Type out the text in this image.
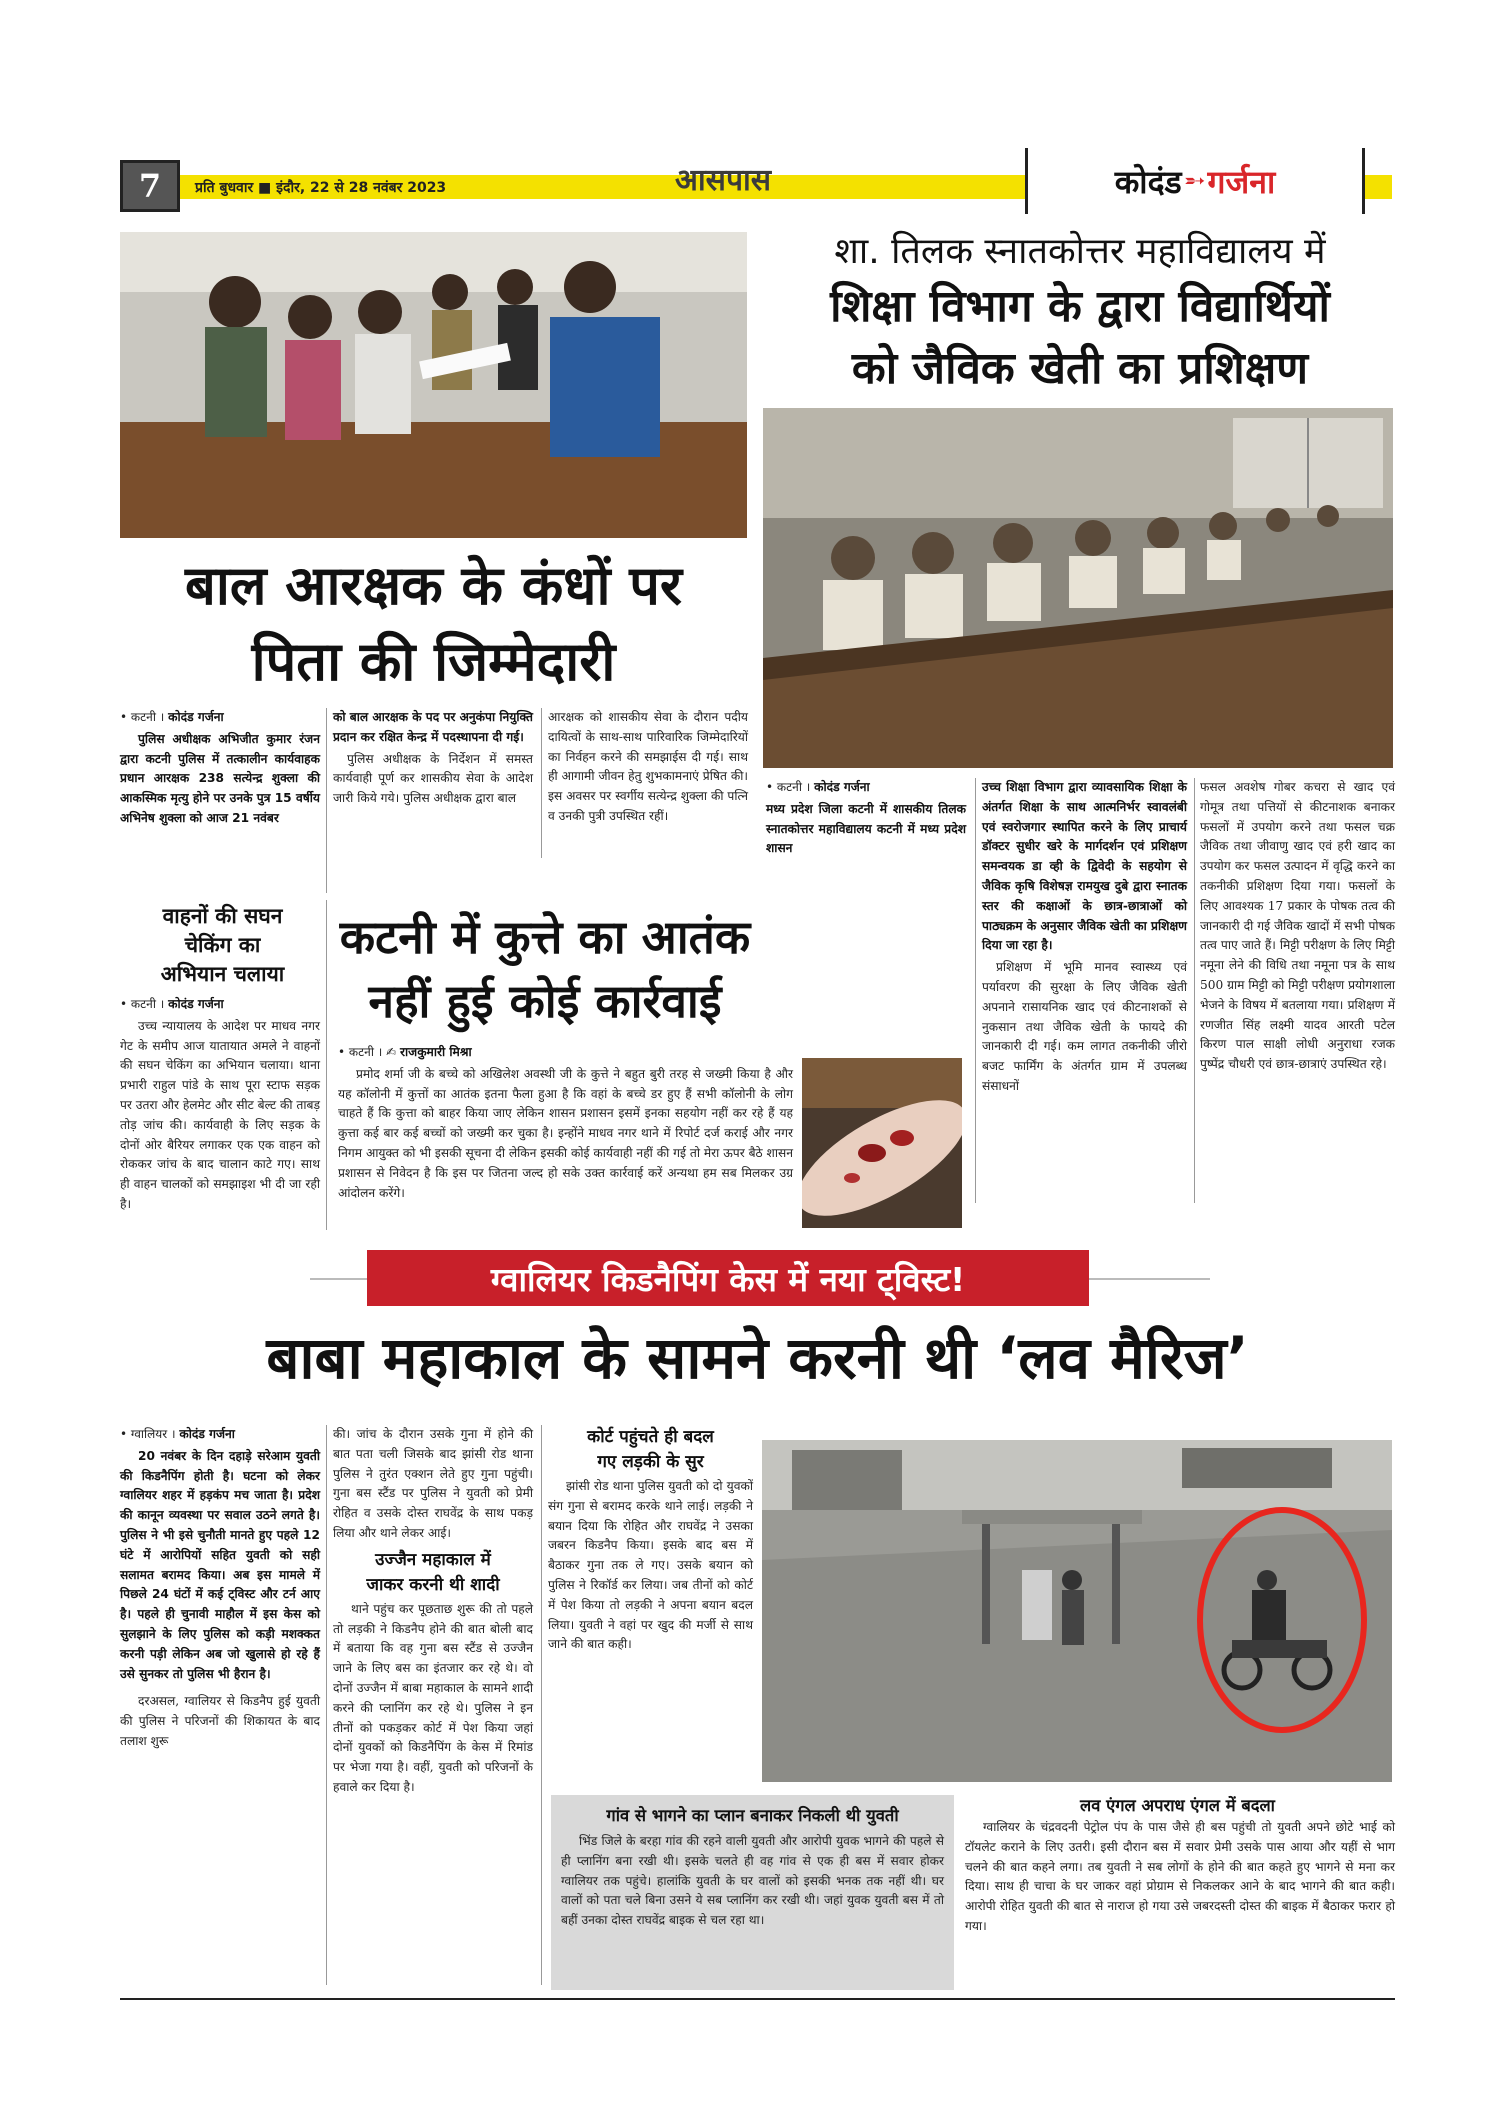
7 प्रति बुधवार ■ इंदौर, 22 से 28 नवंबर 2023	आसपास	कोदंड ➵ गर्जना
शा. तिलक स्नातकोत्तर महाविद्यालय में
शिक्षा विभाग के द्वारा विद्यार्थियों
को जैविक खेती का प्रशिक्षण

• कटनी । कोदंड गर्जना

मध्य प्रदेश जिला कटनी में शासकीय तिलक स्नातकोत्तर महाविद्यालय कटनी में मध्य प्रदेश शासन

उच्च शिक्षा विभाग द्वारा व्यावसायिक शिक्षा के अंतर्गत शिक्षा के साथ आत्मनिर्भर स्वावलंबी एवं स्वरोजगार स्थापित करने के लिए प्राचार्य डॉक्टर सुधीर खरे के मार्गदर्शन एवं प्रशिक्षण समन्वयक डा व्ही के द्विवेदी के सहयोग से जैविक कृषि विशेषज्ञ रामयुख दुबे द्वारा स्नातक स्तर की कक्षाओं के छात्र-छात्राओं को पाठ्यक्रम के अनुसार जैविक खेती का प्रशिक्षण दिया जा रहा है।

प्रशिक्षण में भूमि मानव स्वास्थ्य एवं पर्यावरण की सुरक्षा के लिए जैविक खेती अपनाने रासायनिक खाद एवं कीटनाशकों से नुकसान तथा जैविक खेती के फायदे की जानकारी दी गई। कम लागत तकनीकी जीरो बजट फार्मिंग के अंतर्गत ग्राम में उपलब्ध संसाधनों

फसल अवशेष गोबर कचरा से खाद एवं गोमूत्र तथा पत्तियों से कीटनाशक बनाकर फसलों में उपयोग करने तथा फसल चक्र जैविक तथा जीवाणु खाद एवं हरी खाद का उपयोग कर फसल उत्पादन में वृद्धि करने का तकनीकी प्रशिक्षण दिया गया। फसलों के लिए आवश्यक 17 प्रकार के पोषक तत्व की जानकारी दी गई जैविक खादों में सभी पोषक तत्व पाए जाते हैं। मिट्टी परीक्षण के लिए मिट्टी नमूना लेने की विधि तथा नमूना पत्र के साथ 500 ग्राम मिट्टी को मिट्टी परीक्षण प्रयोगशाला भेजने के विषय में बतलाया गया। प्रशिक्षण में रणजीत सिंह लक्ष्मी यादव आरती पटेल किरण पाल साक्षी लोधी अनुराधा रजक पुष्पेंद्र चौधरी एवं छात्र-छात्राएं उपस्थित रहे।
बाल आरक्षक के कंधों पर
पिता की जिम्मेदारी

• कटनी । कोदंड गर्जना

पुलिस अधीक्षक अभिजीत कुमार रंजन द्वारा कटनी पुलिस में तत्कालीन कार्यवाहक प्रधान आरक्षक 238 सत्येन्द्र शुक्ला की आकस्मिक मृत्यु होने पर उनके पुत्र 15 वर्षीय अभिनेष शुक्ला को आज 21 नवंबर

को बाल आरक्षक के पद पर अनुकंपा नियुक्ति प्रदान कर रक्षित केन्द्र में पदस्थापना दी गई।

पुलिस अधीक्षक के निर्देशन में समस्त कार्यवाही पूर्ण कर शासकीय सेवा के आदेश जारी किये गये। पुलिस अधीक्षक द्वारा बाल

आरक्षक को शासकीय सेवा के दौरान पदीय दायित्वों के साथ-साथ पारिवारिक जिम्मेदारियों का निर्वहन करने की समझाईस दी गई। साथ ही आगामी जीवन हेतु शुभकामनाएं प्रेषित की। इस अवसर पर स्वर्गीय सत्येन्द्र शुक्ला की पत्नि व उनकी पुत्री उपस्थित रहीं।
वाहनों की सघन
चेकिंग का
अभियान चलाया

• कटनी । कोदंड गर्जना

उच्च न्यायालय के आदेश पर माधव नगर गेट के समीप आज यातायात अमले ने वाहनों की सघन चेकिंग का अभियान चलाया। थाना प्रभारी राहुल पांडे के साथ पूरा स्टाफ सड़क पर उतरा और हेलमेट और सीट बेल्ट की ताबड़ तोड़ जांच की। कार्यवाही के लिए सड़क के दोनों ओर बैरियर लगाकर एक एक वाहन को रोककर जांच के बाद चालान काटे गए। साथ ही वाहन चालकों को समझाइश भी दी जा रही है।

कटनी में कुत्ते का आतंक
नहीं हुई कोई कार्रवाई

• कटनी । ✍ राजकुमारी मिश्रा

प्रमोद शर्मा जी के बच्चे को अखिलेश अवस्थी जी के कुत्ते ने बहुत बुरी तरह से जख्मी किया है और यह कॉलोनी में कुत्तों का आतंक इतना फैला हुआ है कि वहां के बच्चे डर हुए हैं सभी कॉलोनी के लोग चाहते हैं कि कुत्ता को बाहर किया जाए लेकिन शासन प्रशासन इसमें इनका सहयोग नहीं कर रहे हैं यह कुत्ता कई बार कई बच्चों को जख्मी कर चुका है। इन्होंने माधव नगर थाने में रिपोर्ट दर्ज कराई और नगर निगम आयुक्त को भी इसकी सूचना दी लेकिन इसकी कोई कार्यवाही नहीं की गई तो मेरा ऊपर बैठे शासन प्रशासन से निवेदन है कि इस पर जितना जल्द हो सके उक्त कार्रवाई करें अन्यथा हम सब मिलकर उग्र आंदोलन करेंगे।

ग्वालियर किडनैपिंग केस में नया ट्विस्ट!
बाबा महाकाल के सामने करनी थी ‘लव मैरिज’

• ग्वालियर । कोदंड गर्जना

20 नवंबर के दिन दहाड़े सरेआम युवती की किडनैपिंग होती है। घटना को लेकर ग्वालियर शहर में हड़कंप मच जाता है। प्रदेश की कानून व्यवस्था पर सवाल उठने लगते है। पुलिस ने भी इसे चुनौती मानते हुए पहले 12 घंटे में आरोपियों सहित युवती को सही सलामत बरामद किया। अब इस मामले में पिछले 24 घंटों में कई ट्विस्ट और टर्न आए है। पहले ही चुनावी माहौल में इस केस को सुलझाने के लिए पुलिस को कड़ी मशक्कत करनी पड़ी लेकिन अब जो खुलासे हो रहे हैं उसे सुनकर तो पुलिस भी हैरान है।

दरअसल, ग्वालियर से किडनैप हुई युवती की पुलिस ने परिजनों की शिकायत के बाद तलाश शुरू

की। जांच के दौरान उसके गुना में होने की बात पता चली जिसके बाद झांसी रोड थाना पुलिस ने तुरंत एक्शन लेते हुए गुना पहुंची। गुना बस स्टैंड पर पुलिस ने युवती को प्रेमी रोहित व उसके दोस्त राघवेंद्र के साथ पकड़ लिया और थाने लेकर आई।

उज्जैन महाकाल में
जाकर करनी थी शादी

थाने पहुंच कर पूछताछ शुरू की तो पहले तो लड़की ने किडनैप होने की बात बोली बाद में बताया कि वह गुना बस स्टैंड से उज्जैन जाने के लिए बस का इंतजार कर रहे थे। वो दोनों उज्जैन में बाबा महाकाल के सामने शादी करने की प्लानिंग कर रहे थे। पुलिस ने इन तीनों को पकड़कर कोर्ट में पेश किया जहां दोनों युवकों को किडनैपिंग के केस में रिमांड पर भेजा गया है। वहीं, युवती को परिजनों के हवाले कर दिया है।

कोर्ट पहुंचते ही बदल
गए लड़की के सुर

झांसी रोड थाना पुलिस युवती को दो युवकों संग गुना से बरामद करके थाने लाई। लड़की ने बयान दिया कि रोहित और राघवेंद्र ने उसका जबरन किडनैप किया। इसके बाद बस में बैठाकर गुना तक ले गए। उसके बयान को पुलिस ने रिकॉर्ड कर लिया। जब तीनों को कोर्ट में पेश किया तो लड़की ने अपना बयान बदल लिया। युवती ने वहां पर खुद की मर्जी से साथ जाने की बात कही।

गांव से भागने का प्लान बनाकर निकली थी युवती
भिंड जिले के बरहा गांव की रहने वाली युवती और आरोपी युवक भागने की पहले से ही प्लानिंग बना रखी थी। इसके चलते ही वह गांव से एक ही बस में सवार होकर ग्वालियर तक पहुंचे। हालांकि युवती के घर वालों को इसकी भनक तक नहीं थी। घर वालों को पता चले बिना उसने ये सब प्लानिंग कर रखी थी। जहां युवक युवती बस में तो बहीं उनका दोस्त राघवेंद्र बाइक से चल रहा था।
लव एंगल अपराध एंगल में बदला
ग्वालियर के चंद्रवदनी पेट्रोल पंप के पास जैसे ही बस पहुंची तो युवती अपने छोटे भाई को टॉयलेट कराने के लिए उतरी। इसी दौरान बस में सवार प्रेमी उसके पास आया और यहीं से भाग चलने की बात कहने लगा। तब युवती ने सब लोगों के होने की बात कहते हुए भागने से मना कर दिया। साथ ही चाचा के घर जाकर वहां प्रोग्राम से निकलकर आने के बाद भागने की बात कही। आरोपी रोहित युवती की बात से नाराज हो गया उसे जबरदस्ती दोस्त की बाइक में बैठाकर फरार हो गया।
